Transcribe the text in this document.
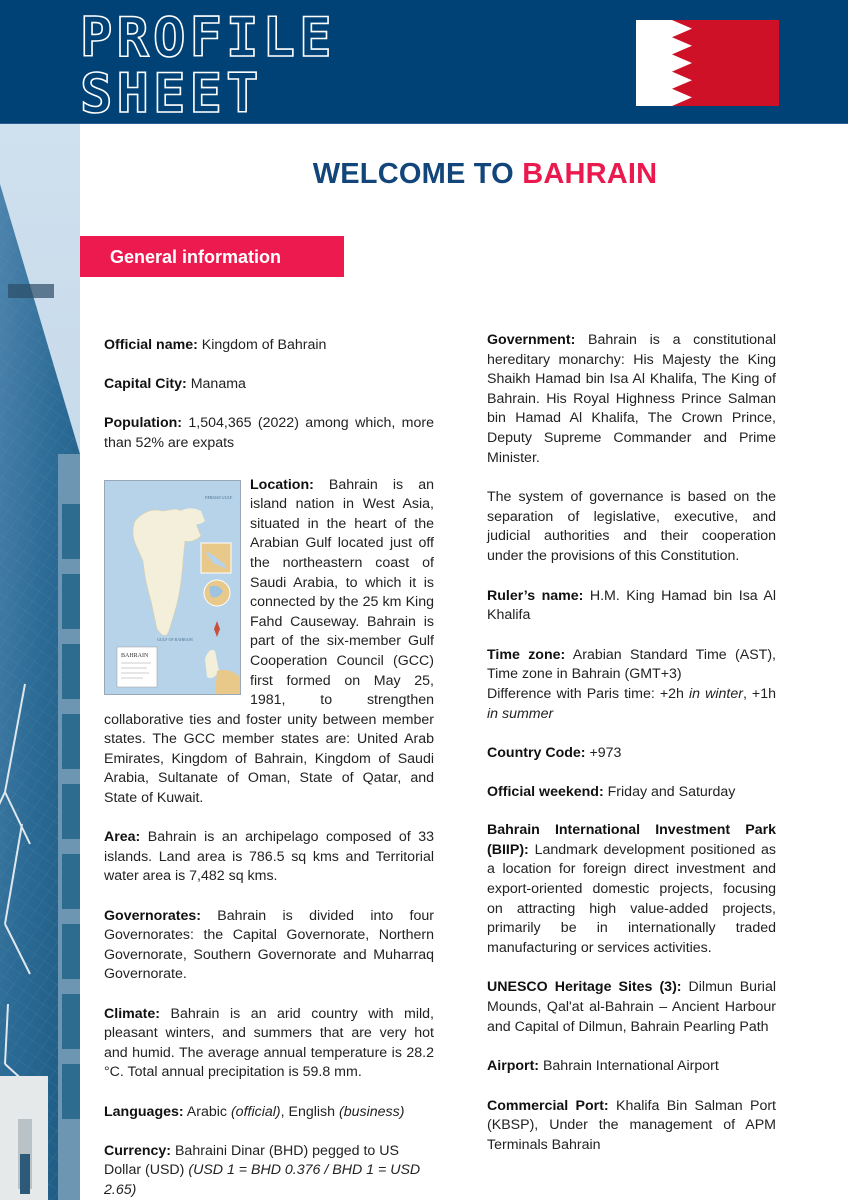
PROFILE
SHEET
WELCOME TO BAHRAIN
General information

Official name: Kingdom of Bahrain

Capital City: Manama

Population: 1,504,365 (2022) among which, more than 52% are expats

BAHRAIN
PERSIAN GULF
GULF OF BAHRAIN
Location: Bahrain is an island nation in West Asia, situated in the heart of the Arabian Gulf located just off the northeastern coast of Saudi Arabia, to which it is connected by the 25 km King Fahd Causeway. Bahrain is part of the six-member Gulf Cooperation Council (GCC) first formed on May 25, 1981, to strengthen collaborative ties and foster unity between member states. The GCC member states are: United Arab Emirates, Kingdom of Bahrain, Kingdom of Saudi Arabia, Sultanate of Oman, State of Qatar, and State of Kuwait.

Area: Bahrain is an archipelago composed of 33 islands. Land area is 786.5 sq kms and Territorial water area is 7,482 sq kms.

Governorates: Bahrain is divided into four Governorates: the Capital Governorate, Northern Governorate, Southern Governorate and Muharraq Governorate.

Climate: Bahrain is an arid country with mild, pleasant winters, and summers that are very hot and humid. The average annual temperature is 28.2 °C. Total annual precipitation is 59.8 mm.

Languages: Arabic (official), English (business)

Currency: Bahraini Dinar (BHD) pegged to US Dollar (USD) (USD 1 = BHD 0.376 / BHD 1 = USD 2.65)

Government: Bahrain is a constitutional hereditary monarchy: His Majesty the King Shaikh Hamad bin Isa Al Khalifa, The King of Bahrain. His Royal Highness Prince Salman bin Hamad Al Khalifa, The Crown Prince, Deputy Supreme Commander and Prime Minister.

The system of governance is based on the separation of legislative, executive, and judicial authorities and their cooperation under the provisions of this Constitution.

Ruler’s name: H.M. King Hamad bin Isa Al Khalifa

Time zone: Arabian Standard Time (AST), Time zone in Bahrain (GMT+3)
Difference with Paris time: +2h in winter, +1h in summer

Country Code: +973

Official weekend: Friday and Saturday

Bahrain International Investment Park (BIIP): Landmark development positioned as a location for foreign direct investment and export-oriented domestic projects, focusing on attracting high value-added projects, primarily be in internationally traded manufacturing or services activities.

UNESCO Heritage Sites (3): Dilmun Burial Mounds, Qal'at al-Bahrain – Ancient Harbour and Capital of Dilmun, Bahrain Pearling Path

Airport: Bahrain International Airport

Commercial Port: Khalifa Bin Salman Port (KBSP), Under the management of APM Terminals Bahrain
